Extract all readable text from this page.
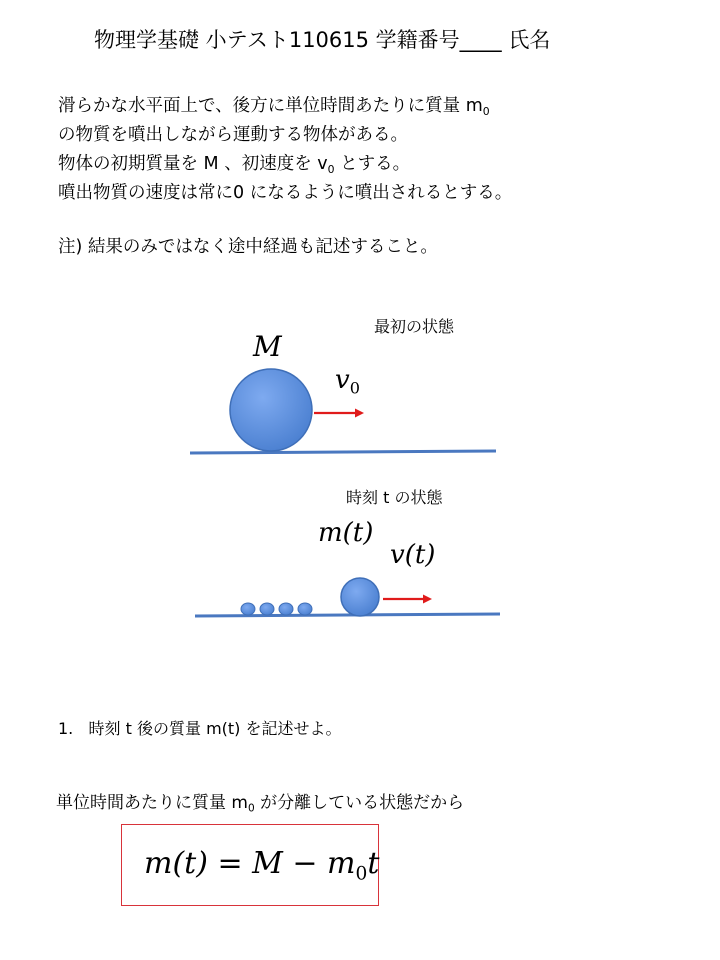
物理学基礎 小テスト110615 学籍番号____ 氏名
滑らかな水平面上で、後方に単位時間あたりに質量 $m_0$
の物質を噴出しながら運動する物体がある。
物体の初期質量を M 、初速度を $v_0$ とする。
噴出物質の速度は常に0 になるように噴出されるとする。
注) 結果のみではなく途中経過も記述すること。
最初の状態
M
$v_0$
時刻 t の状態
m(t)
v(t)
1. 時刻 t 後の質量 m(t) を記述せよ。
単位時間あたりに質量 $m_0$ が分離している状態だから
$m(t) = M - m_0t$
